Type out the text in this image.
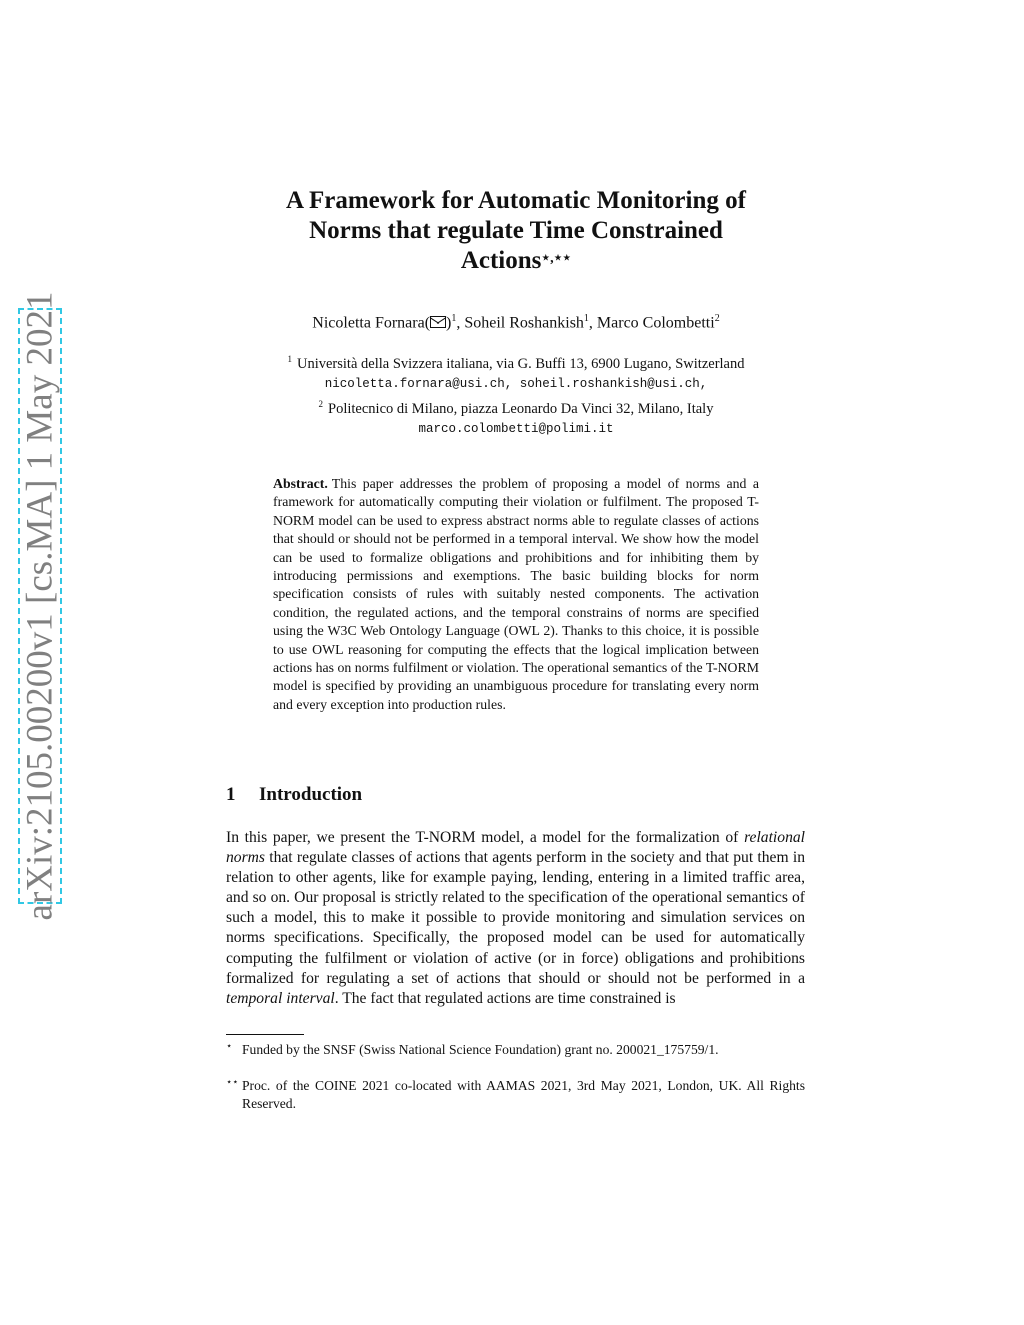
arXiv:2105.00200v1 [cs.MA] 1 May 2021
A Framework for Automatic Monitoring of
Norms that regulate Time Constrained
Actions⋆,⋆⋆
Nicoletta Fornara( )$^1$, Soheil Roshankish$^1$, Marco Colombetti$^2$
$^1$ Università della Svizzera italiana, via G. Buffi 13, 6900 Lugano, Switzerland
nicoletta.fornara@usi.ch, soheil.roshankish@usi.ch,
$^2$ Politecnico di Milano, piazza Leonardo Da Vinci 32, Milano, Italy
marco.colombetti@polimi.it
Abstract. This paper addresses the problem of proposing a model of norms and a framework for automatically computing their violation or fulfilment. The proposed T-NORM model can be used to express abstract norms able to regulate classes of actions that should or should not be performed in a temporal interval. We show how the model can be used to formalize obligations and prohibitions and for inhibiting them by introducing permissions and exemptions. The basic building blocks for norm specification consists of rules with suitably nested components. The activation condition, the regulated actions, and the temporal constrains of norms are specified using the W3C Web Ontology Language (OWL 2). Thanks to this choice, it is possible to use OWL reasoning for computing the effects that the logical implication between actions has on norms fulfilment or violation. The operational semantics of the T-NORM model is specified by providing an unambiguous procedure for translating every norm and every exception into production rules.
1 Introduction
In this paper, we present the T-NORM model, a model for the formalization of relational norms that regulate classes of actions that agents perform in the society and that put them in relation to other agents, like for example paying, lending, entering in a limited traffic area, and so on. Our proposal is strictly related to the specification of the operational semantics of such a model, this to make it possible to provide monitoring and simulation services on norms specifications. Specifically, the proposed model can be used for automatically computing the fulfilment or violation of active (or in force) obligations and prohibitions formalized for regulating a set of actions that should or should not be performed in a temporal interval. The fact that regulated actions are time constrained is
⋆ Funded by the SNSF (Swiss National Science Foundation) grant no. 200021_175759/1.
⋆⋆ Proc. of the COINE 2021 co-located with AAMAS 2021, 3rd May 2021, London, UK. All Rights Reserved.
